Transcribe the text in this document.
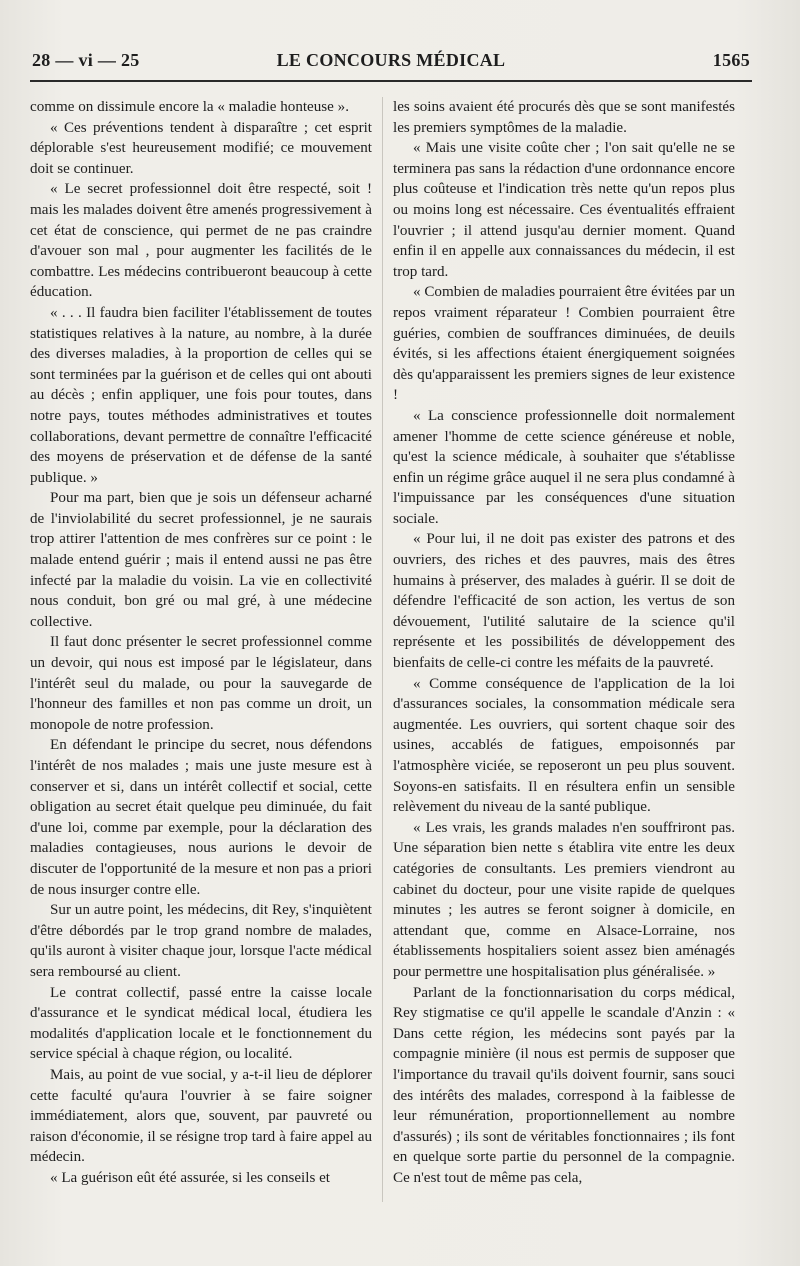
28 — vi — 25	LE CONCOURS MÉDICAL	1565

comme on dissimule encore la « maladie honteuse ».

« Ces préventions tendent à disparaître ; cet esprit déplorable s'est heureusement modifié; ce mouvement doit se continuer.

« Le secret professionnel doit être respecté, soit ! mais les malades doivent être amenés progressivement à cet état de conscience, qui permet de ne pas craindre d'avouer son mal , pour augmenter les facilités de le combattre. Les médecins contribueront beaucoup à cette éducation.

« . . . Il faudra bien faciliter l'établissement de toutes statistiques relatives à la nature, au nombre, à la durée des diverses maladies, à la proportion de celles qui se sont terminées par la guérison et de celles qui ont abouti au décès ; enfin appliquer, une fois pour toutes, dans notre pays, toutes méthodes administratives et toutes collaborations, devant permettre de connaître l'efficacité des moyens de préservation et de défense de la santé publique. »

Pour ma part, bien que je sois un défenseur acharné de l'inviolabilité du secret professionnel, je ne saurais trop attirer l'attention de mes confrères sur ce point : le malade entend guérir ; mais il entend aussi ne pas être infecté par la maladie du voisin. La vie en collectivité nous conduit, bon gré ou mal gré, à une médecine collective.

Il faut donc présenter le secret professionnel comme un devoir, qui nous est imposé par le législateur, dans l'intérêt seul du malade, ou pour la sauvegarde de l'honneur des familles et non pas comme un droit, un monopole de notre profession.

En défendant le principe du secret, nous défendons l'intérêt de nos malades ; mais une juste mesure est à conserver et si, dans un intérêt collectif et social, cette obligation au secret était quelque peu diminuée, du fait d'une loi, comme par exemple, pour la déclaration des maladies contagieuses, nous aurions le devoir de discuter de l'opportunité de la mesure et non pas a priori de nous insurger contre elle.

Sur un autre point, les médecins, dit Rey, s'inquiètent d'être débordés par le trop grand nombre de malades, qu'ils auront à visiter chaque jour, lorsque l'acte médical sera remboursé au client.

Le contrat collectif, passé entre la caisse locale d'assurance et le syndicat médical local, étudiera les modalités d'application locale et le fonctionnement du service spécial à chaque région, ou localité.

Mais, au point de vue social, y a-t-il lieu de déplorer cette faculté qu'aura l'ouvrier à se faire soigner immédiatement, alors que, souvent, par pauvreté ou raison d'économie, il se résigne trop tard à faire appel au médecin.

« La guérison eût été assurée, si les conseils et

les soins avaient été procurés dès que se sont manifestés les premiers symptômes de la maladie.

« Mais une visite coûte cher ; l'on sait qu'elle ne se terminera pas sans la rédaction d'une ordonnance encore plus coûteuse et l'indication très nette qu'un repos plus ou moins long est nécessaire. Ces éventualités effraient l'ouvrier ; il attend jusqu'au dernier moment. Quand enfin il en appelle aux connaissances du médecin, il est trop tard.

« Combien de maladies pourraient être évitées par un repos vraiment réparateur ! Combien pourraient être guéries, combien de souffrances diminuées, de deuils évités, si les affections étaient énergiquement soignées dès qu'apparaissent les premiers signes de leur existence !

« La conscience professionnelle doit normalement amener l'homme de cette science généreuse et noble, qu'est la science médicale, à souhaiter que s'établisse enfin un régime grâce auquel il ne sera plus condamné à l'impuissance par les conséquences d'une situation sociale.

« Pour lui, il ne doit pas exister des patrons et des ouvriers, des riches et des pauvres, mais des êtres humains à préserver, des malades à guérir. Il se doit de défendre l'efficacité de son action, les vertus de son dévouement, l'utilité salutaire de la science qu'il représente et les possibilités de développement des bienfaits de celle-ci contre les méfaits de la pauvreté.

« Comme conséquence de l'application de la loi d'assurances sociales, la consommation médicale sera augmentée. Les ouvriers, qui sortent chaque soir des usines, accablés de fatigues, empoisonnés par l'atmosphère viciée, se reposeront un peu plus souvent. Soyons-en satisfaits. Il en résultera enfin un sensible relèvement du niveau de la santé publique.

« Les vrais, les grands malades n'en souffriront pas. Une séparation bien nette s établira vite entre les deux catégories de consultants. Les premiers viendront au cabinet du docteur, pour une visite rapide de quelques minutes ; les autres se feront soigner à domicile, en attendant que, comme en Alsace-Lorraine, nos établissements hospitaliers soient assez bien aménagés pour permettre une hospitalisation plus généralisée. »

Parlant de la fonctionnarisation du corps médical, Rey stigmatise ce qu'il appelle le scandale d'Anzin : « Dans cette région, les médecins sont payés par la compagnie minière (il nous est permis de supposer que l'importance du travail qu'ils doivent fournir, sans souci des intérêts des malades, correspond à la faiblesse de leur rémunération, proportionnellement au nombre d'assurés) ; ils sont de véritables fonctionnaires ; ils font en quelque sorte partie du personnel de la compagnie. Ce n'est tout de même pas cela,
